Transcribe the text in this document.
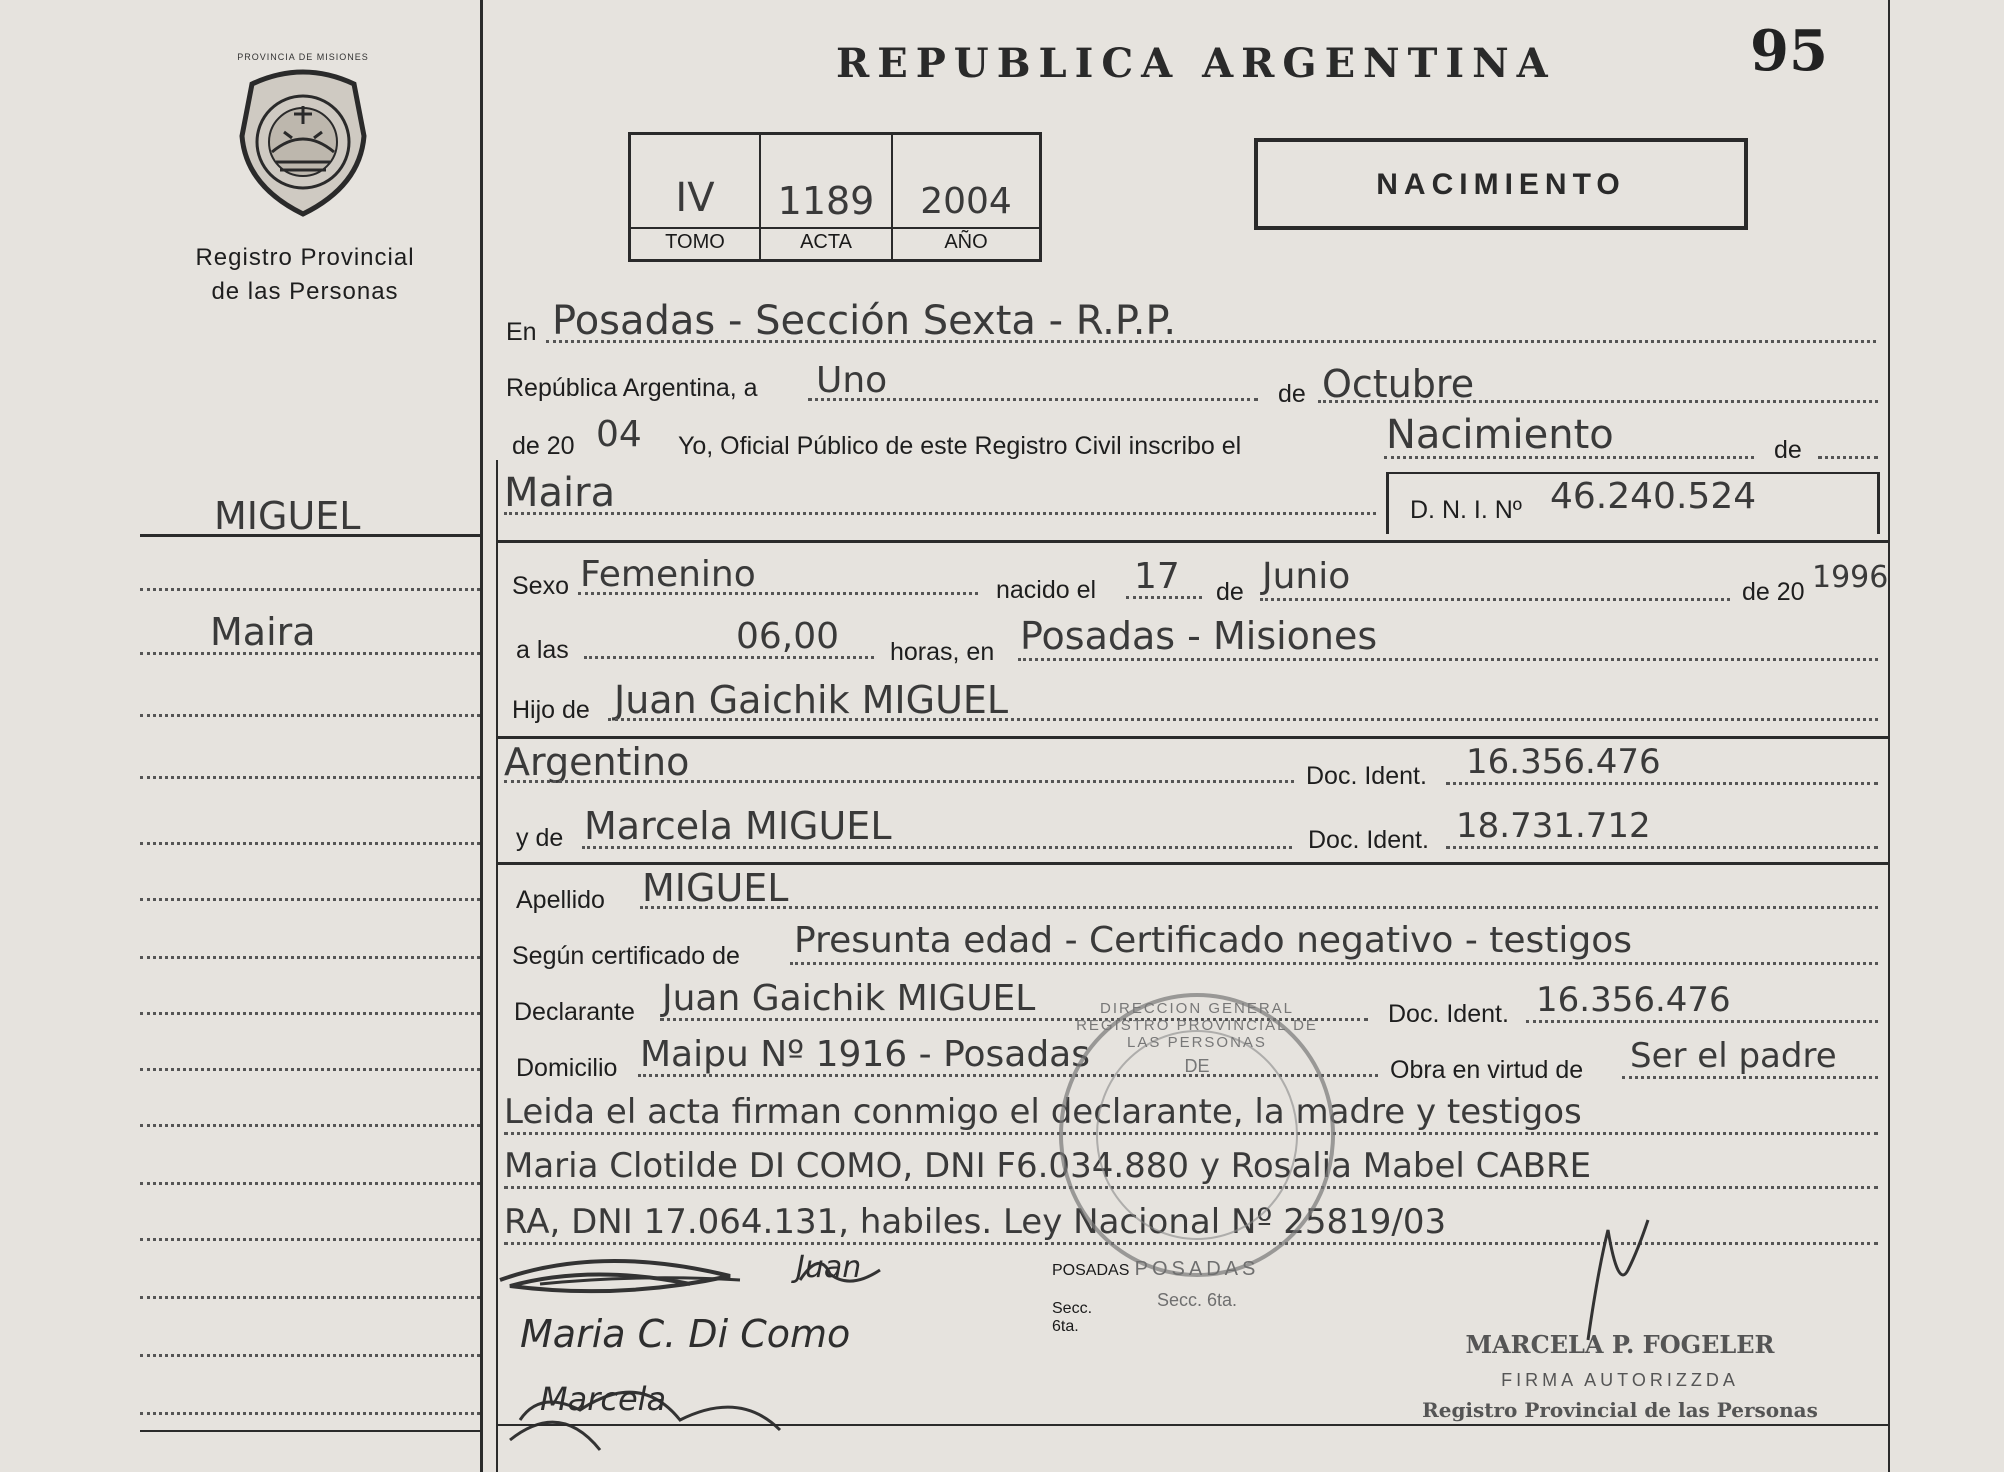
95
PROVINCIA DE MISIONES
Registro Provincial
de las Personas
REPUBLICA ARGENTINA
IV	1189	2004
TOMO	ACTA	AÑO
NACIMIENTO
MIGUEL
Maira
En Posadas - Sección Sexta - R.P.P.
República Argentina, a Uno	de Octubre
de 20 04 Yo, Oficial Público de este Registro Civil inscribo el	Nacimiento	de
Maira	D. N. I. Nº 46.240.524
Sexo Femenino	nacido el 17 de Junio	de 20 1996
a las	06,00 horas, en Posadas - Misiones
Hijo de Juan Gaichik MIGUEL
Argentino	Doc. Ident. 16.356.476
y de Marcela MIGUEL	Doc. Ident. 18.731.712
Apellido MIGUEL
Según certificado de Presunta edad - Certificado negativo - testigos
Declarante Juan Gaichik MIGUEL	Doc. Ident. 16.356.476
Domicilio Maipu Nº 1916 - Posadas	Obra en virtud de Ser el padre
Leida el acta firman conmigo el declarante, la madre y testigos
Maria Clotilde DI COMO, DNI F6.034.880 y Rosalia Mabel CABRE
RA, DNI 17.064.131, habiles. Ley Nacional Nº 25819/03
DIRECCION GENERAL REGISTRO PROVINCIAL DE LAS PERSONAS
DE
POSADAS
Secc. 6ta.
POSADAS
Secc. 6ta.
Juan
Maria C. Di Como
Marcela
MARCELA P. FOGELER
FIRMA AUTORIZZDA
Registro Provincial de las Personas
